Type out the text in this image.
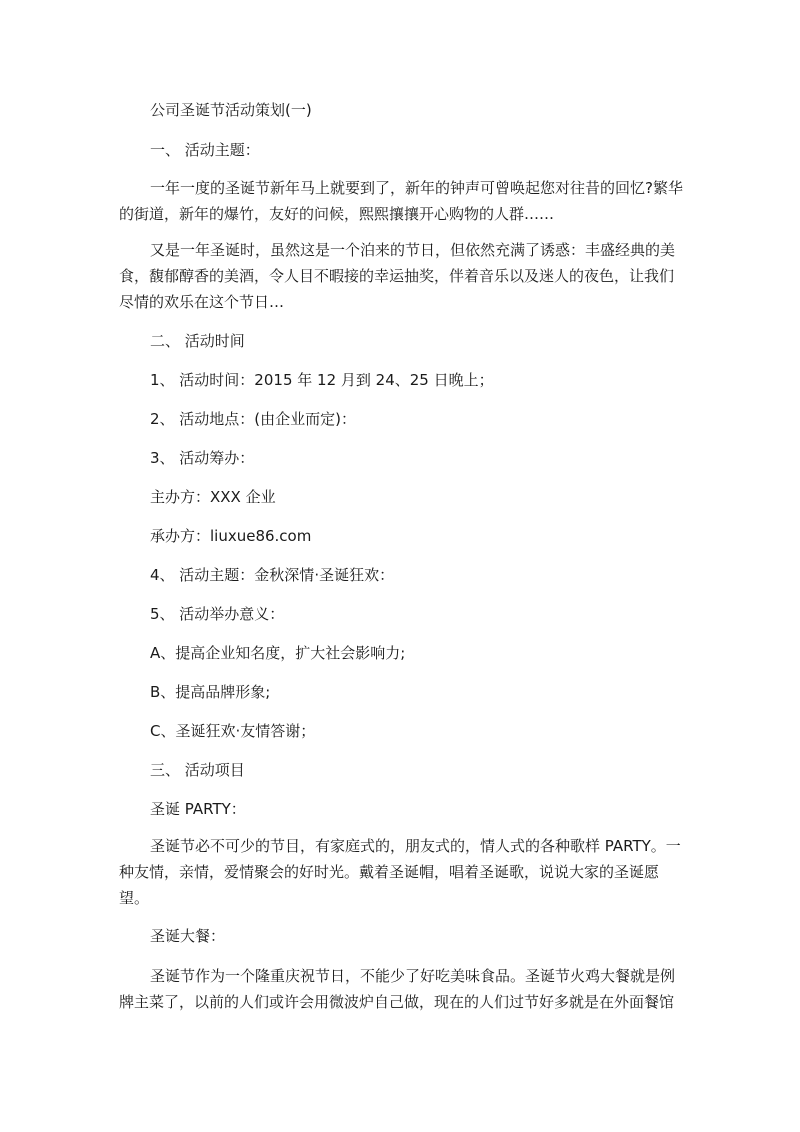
公司圣诞节活动策划(一)
一、 活动主题：
一年一度的圣诞节新年马上就要到了，新年的钟声可曾唤起您对往昔的回忆?繁华
的街道，新年的爆竹，友好的问候，熙熙攘攘开心购物的人群……
又是一年圣诞时，虽然这是一个泊来的节日，但依然充满了诱惑：丰盛经典的美
食，馥郁醇香的美酒，令人目不暇接的幸运抽奖，伴着音乐以及迷人的夜色，让我们
尽情的欢乐在这个节日…
二、 活动时间
1、 活动时间：2015 年 12 月到 24、25 日晚上；
2、 活动地点：(由企业而定)：
3、 活动筹办：
主办方：XXX 企业
承办方：liuxue86.com
4、 活动主题：金秋深情·圣诞狂欢：
5、 活动举办意义：
A、提高企业知名度，扩大社会影响力;
B、提高品牌形象;
C、圣诞狂欢·友情答谢；
三、 活动项目
圣诞 PARTY：
圣诞节必不可少的节目，有家庭式的，朋友式的，情人式的各种歌样 PARTY。一
种友情，亲情，爱情聚会的好时光。戴着圣诞帽，唱着圣诞歌，说说大家的圣诞愿
望。
圣诞大餐：
圣诞节作为一个隆重庆祝节日，不能少了好吃美味食品。圣诞节火鸡大餐就是例
牌主菜了，以前的人们或许会用微波炉自己做，现在的人们过节好多就是在外面餐馆
